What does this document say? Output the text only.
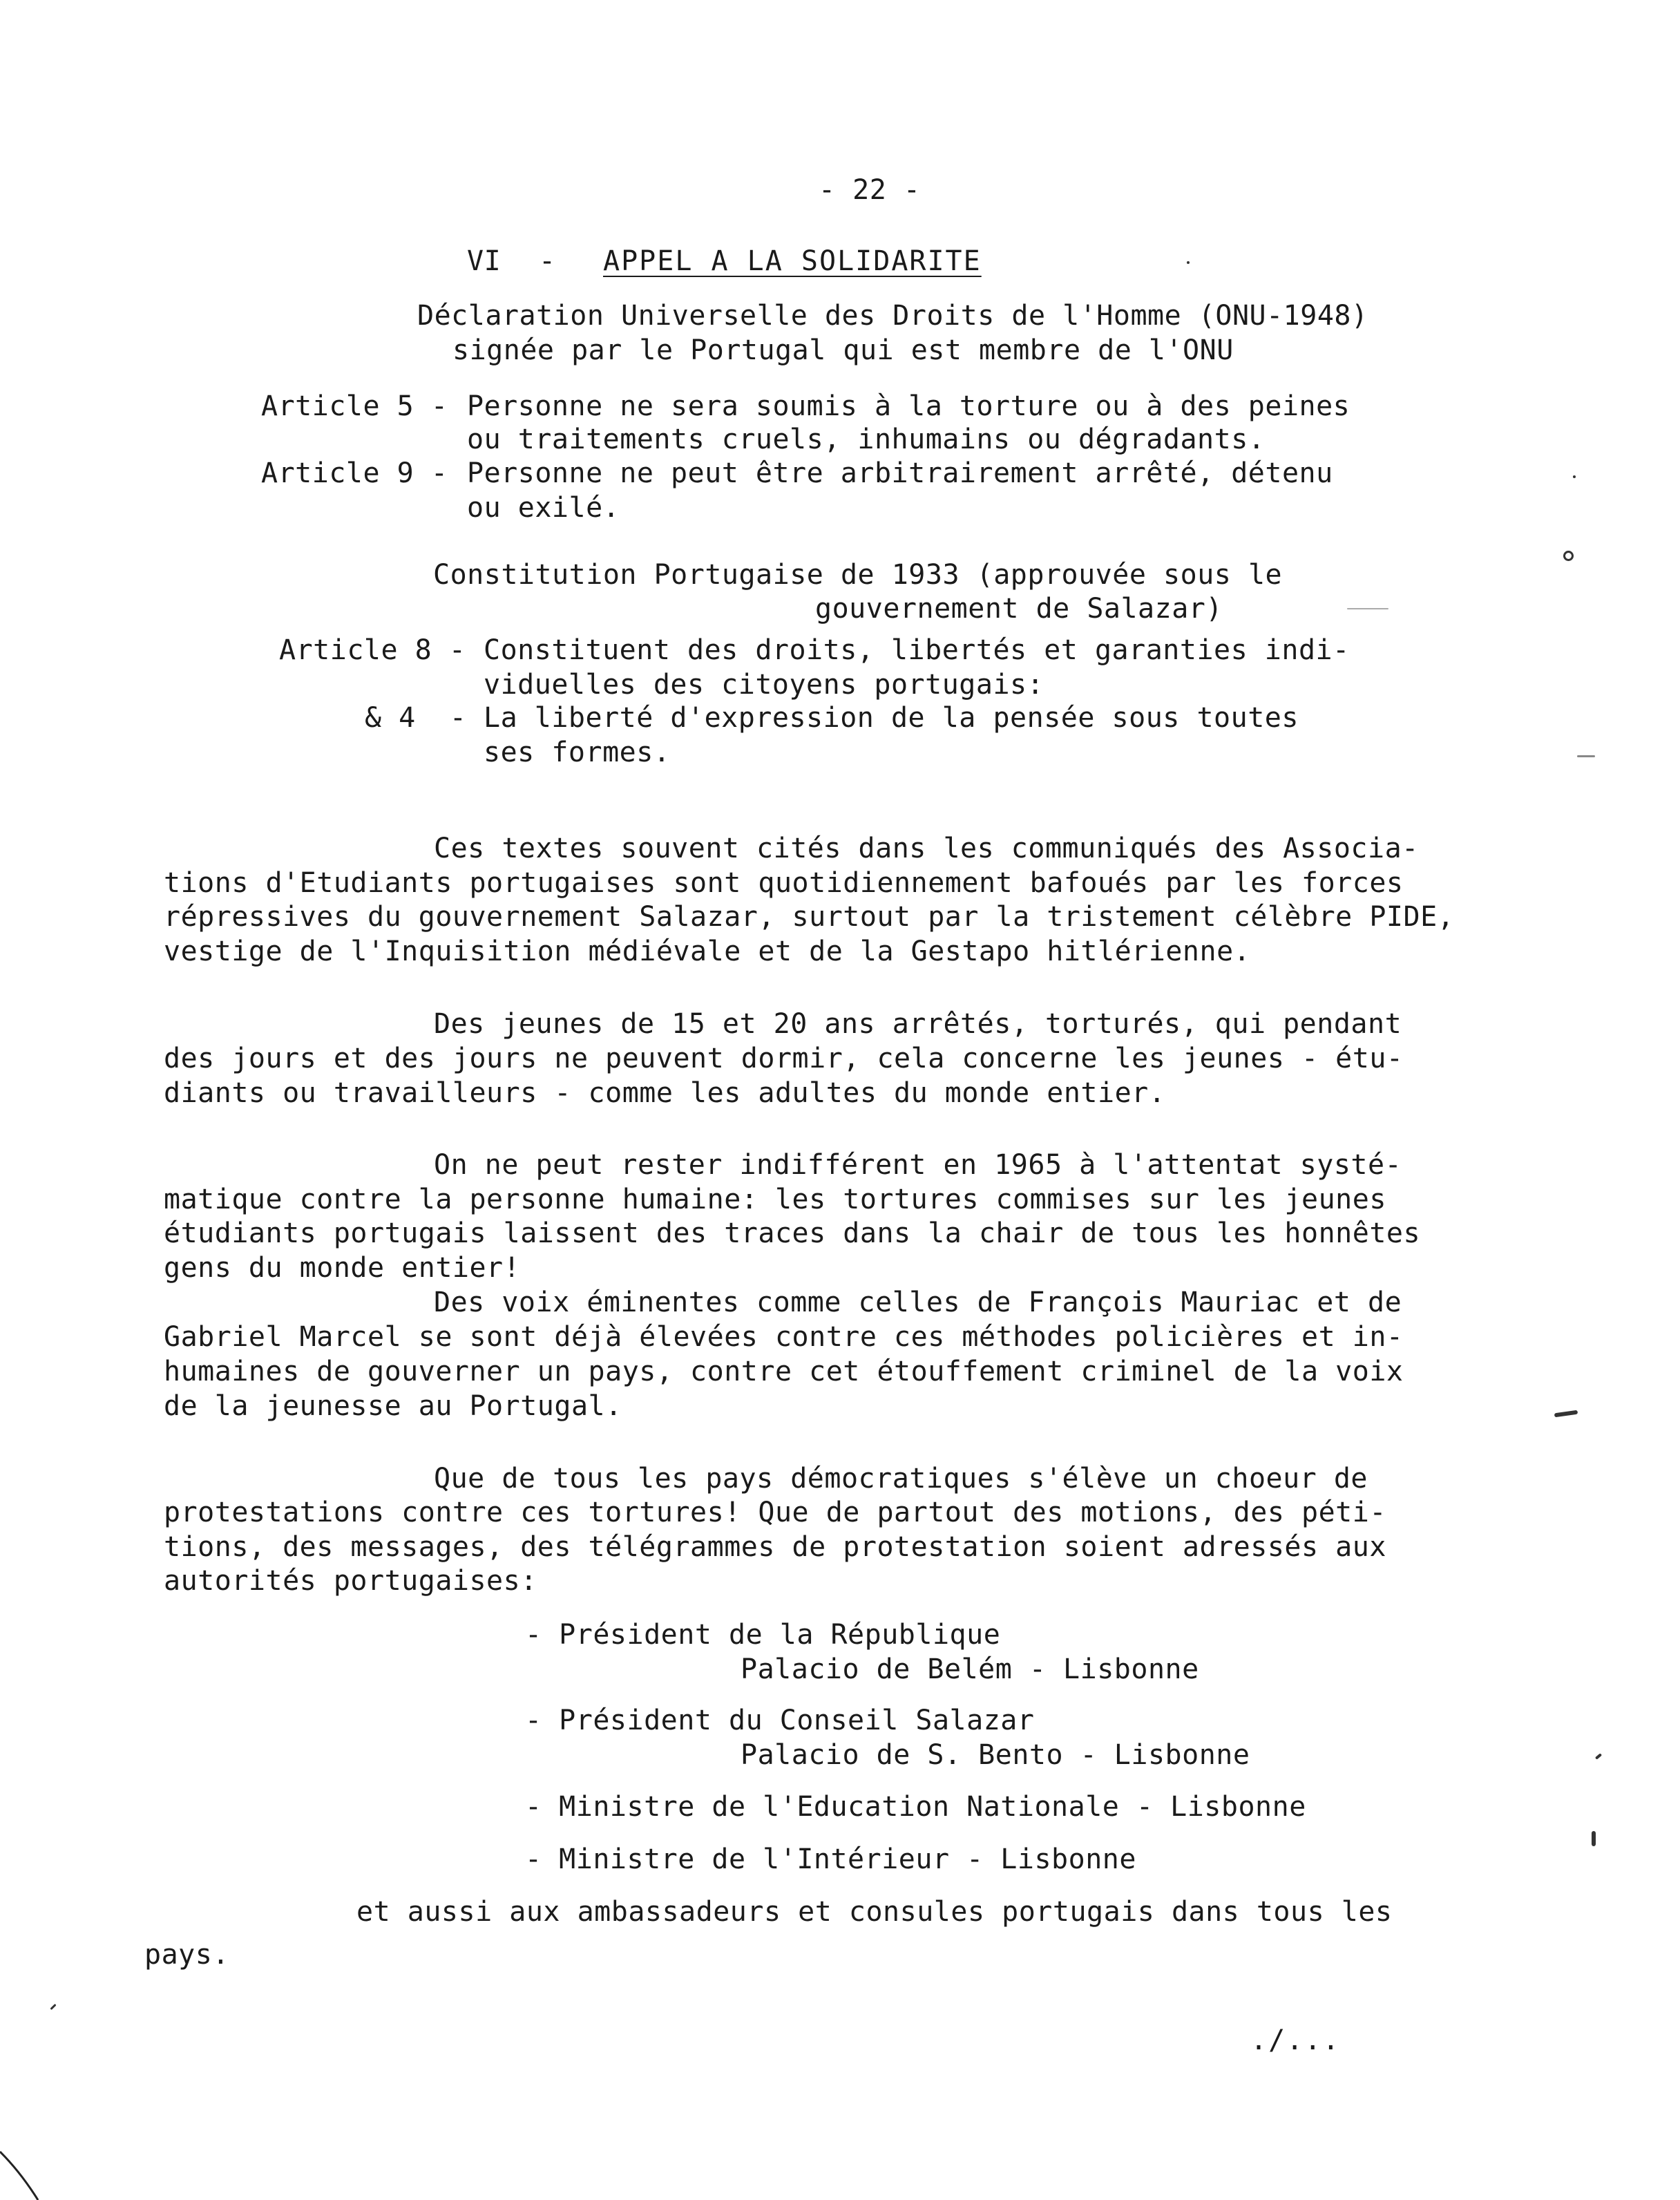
- 22 -
VI - APPEL A LA SOLIDARITE
Déclaration Universelle des Droits de l'Homme (ONU-1948)
signée par le Portugal qui est membre de l'ONU
Article 5 - Personne ne sera soumis à la torture ou à des peines
ou traitements cruels, inhumains ou dégradants.
Article 9 - Personne ne peut être arbitrairement arrêté, détenu
ou exilé.
Constitution Portugaise de 1933 (approuvée sous le
gouvernement de Salazar)
Article 8 - Constituent des droits, libertés et garanties indi-
viduelles des citoyens portugais:
& 4  - La liberté d'expression de la pensée sous toutes
ses formes.
Ces textes souvent cités dans les communiqués des Associa-
tions d'Etudiants portugaises sont quotidiennement bafoués par les forces
répressives du gouvernement Salazar, surtout par la tristement célèbre PIDE,
vestige de l'Inquisition médiévale et de la Gestapo hitlérienne.
Des jeunes de 15 et 20 ans arrêtés, torturés, qui pendant
des jours et des jours ne peuvent dormir, cela concerne les jeunes - étu-
diants ou travailleurs - comme les adultes du monde entier.
On ne peut rester indifférent en 1965 à l'attentat systé-
matique contre la personne humaine: les tortures commises sur les jeunes
étudiants portugais laissent des traces dans la chair de tous les honnêtes
gens du monde entier!
Des voix éminentes comme celles de François Mauriac et de
Gabriel Marcel se sont déjà élevées contre ces méthodes policières et in-
humaines de gouverner un pays, contre cet étouffement criminel de la voix
de la jeunesse au Portugal.
Que de tous les pays démocratiques s'élève un choeur de
protestations contre ces tortures! Que de partout des motions, des péti-
tions, des messages, des télégrammes de protestation soient adressés aux
autorités portugaises:
- Président de la République
Palacio de Belém - Lisbonne
- Président du Conseil Salazar
Palacio de S. Bento - Lisbonne
- Ministre de l'Education Nationale - Lisbonne
- Ministre de l'Intérieur - Lisbonne
et aussi aux ambassadeurs et consules portugais dans tous les
pays.
./...
